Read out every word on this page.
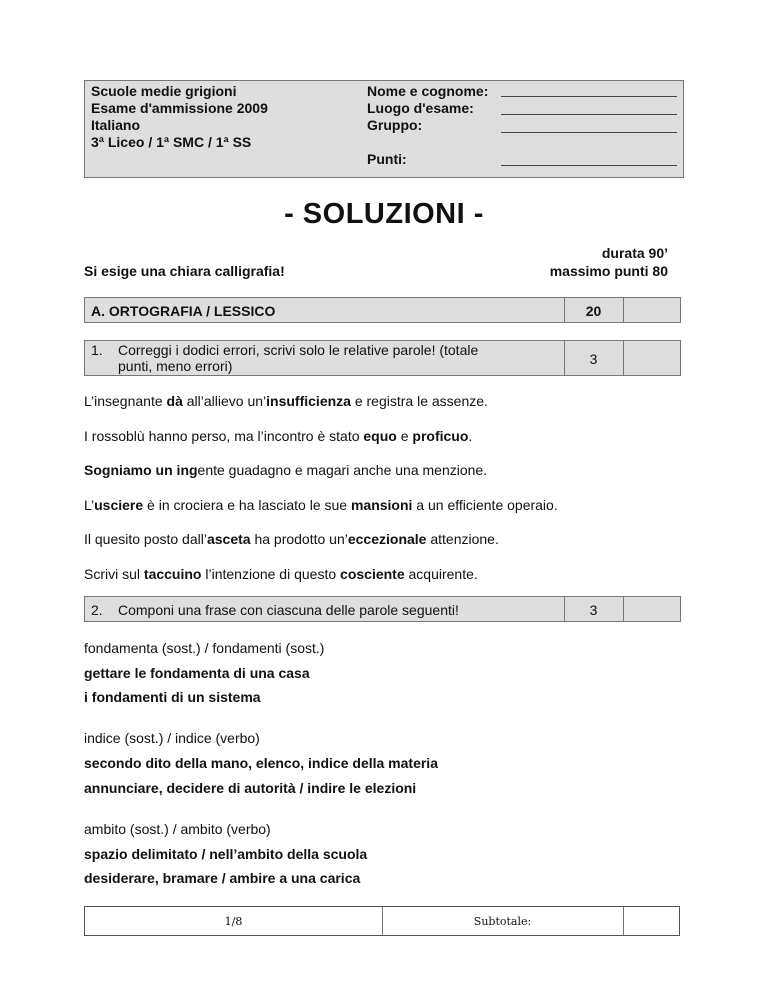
Scuole medie grigioni
Esame d'ammissione 2009
Italiano
3ª Liceo / 1ª SMC / 1ª SS
Nome e cognome:
Luogo d'esame:
Gruppo:
Punti:
- SOLUZIONI -
Si esige una chiara calligrafia!
durata 90’
massimo punti 80
A. ORTOGRAFIA / LESSICO	20
1. Correggi i dodici errori, scrivi solo le relative parole! (totale
punti, meno errori)	3
L’insegnante dà all’allievo un’insufficienza e registra le assenze.
I rossoblù hanno perso, ma l’incontro è stato equo e proficuo.
Sogniamo un ingente guadagno e magari anche una menzione.
L’usciere è in crociera e ha lasciato le sue mansioni a un efficiente operaio.
Il quesito posto dall’asceta ha prodotto un’eccezionale attenzione.
Scrivi sul taccuino l’intenzione di questo cosciente acquirente.
2. Componi una frase con ciascuna delle parole seguenti!	3
fondamenta (sost.) / fondamenti (sost.)
gettare le fondamenta di una casa
i fondamenti di un sistema
indice (sost.) / indice (verbo)
secondo dito della mano, elenco, indice della materia
annunciare, decidere di autorità / indire le elezioni
ambito (sost.) / ambito (verbo)
spazio delimitato / nell’ambito della scuola
desiderare, bramare / ambire a una carica
1/8	Subtotale:
